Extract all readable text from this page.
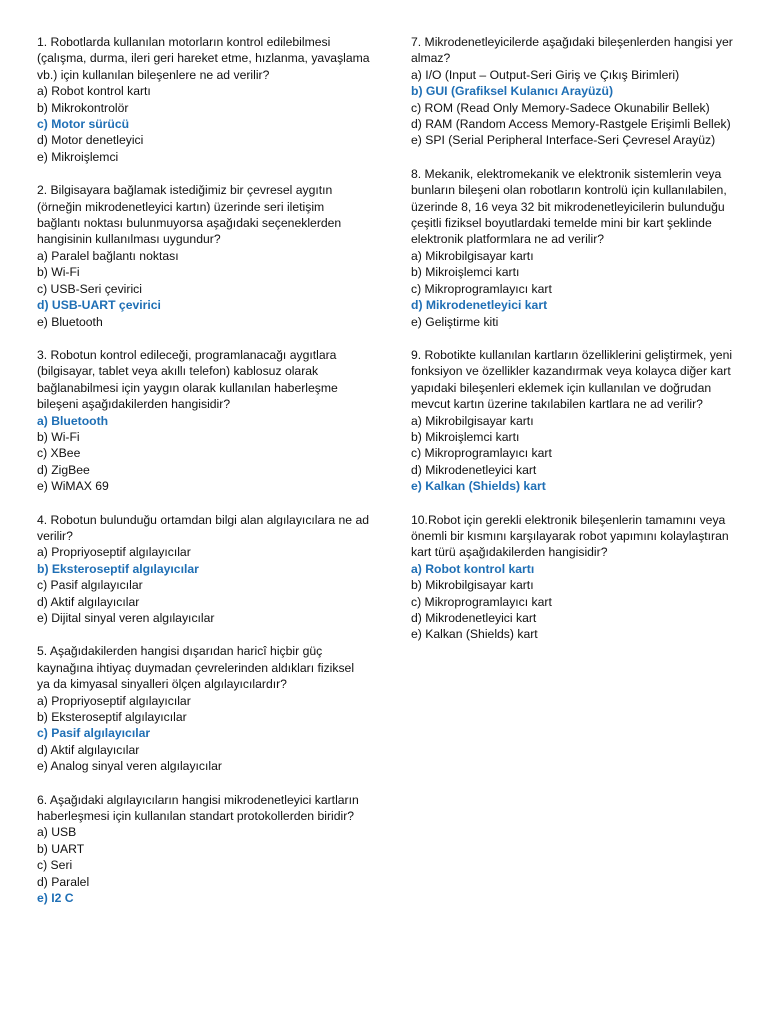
1. Robotlarda kullanılan motorların kontrol edilebilmesi (çalışma, durma, ileri geri hareket etme, hızlanma, yavaşlama vb.) için kullanılan bileşenlere ne ad verilir?
a) Robot kontrol kartı
b) Mikrokontrolör
c) Motor sürücü
d) Motor denetleyici
e) Mikroişlemci
2. Bilgisayara bağlamak istediğimiz bir çevresel aygıtın (örneğin mikrodenetleyici kartın) üzerinde seri iletişim bağlantı noktası bulunmuyorsa aşağıdaki seçeneklerden hangisinin kullanılması uygundur?
a) Paralel bağlantı noktası
b) Wi-Fi
c) USB-Seri çevirici
d) USB-UART çevirici
e) Bluetooth
3. Robotun kontrol edileceği, programlanacağı aygıtlara (bilgisayar, tablet veya akıllı telefon) kablosuz olarak bağlanabilmesi için yaygın olarak kullanılan haberleşme bileşeni aşağıdakilerden hangisidir?
a) Bluetooth
b) Wi-Fi
c) XBee
d) ZigBee
e) WiMAX 69
4. Robotun bulunduğu ortamdan bilgi alan algılayıcılara ne ad verilir?
a) Propriyoseptif algılayıcılar
b) Eksteroseptif algılayıcılar
c) Pasif algılayıcılar
d) Aktif algılayıcılar
e) Dijital sinyal veren algılayıcılar
5. Aşağıdakilerden hangisi dışarıdan haricî hiçbir güç kaynağına ihtiyaç duymadan çevrelerinden aldıkları fiziksel ya da kimyasal sinyalleri ölçen algılayıcılardır?
a) Propriyoseptif algılayıcılar
b) Eksteroseptif algılayıcılar
c) Pasif algılayıcılar
d) Aktif algılayıcılar
e) Analog sinyal veren algılayıcılar
6. Aşağıdaki algılayıcıların hangisi mikrodenetleyici kartların haberleşmesi için kullanılan standart protokollerden biridir?
a) USB
b) UART
c) Seri
d) Paralel
e) I2 C
7. Mikrodenetleyicilerde aşağıdaki bileşenlerden hangisi yer almaz?
a) I/O (Input – Output-Seri Giriş ve Çıkış Birimleri)
b) GUI (Grafiksel Kulanıcı Arayüzü)
c) ROM (Read Only Memory-Sadece Okunabilir Bellek)
d) RAM (Random Access Memory-Rastgele Erişimli Bellek)
e) SPI (Serial Peripheral Interface-Seri Çevresel Arayüz)
8. Mekanik, elektromekanik ve elektronik sistemlerin veya bunların bileşeni olan robotların kontrolü için kullanılabilen, üzerinde 8, 16 veya 32 bit mikrodenetleyicilerin bulunduğu çeşitli fiziksel boyutlardaki temelde mini bir kart şeklinde elektronik platformlara ne ad verilir?
a) Mikrobilgisayar kartı
b) Mikroişlemci kartı
c) Mikroprogramlayıcı kart
d) Mikrodenetleyici kart
e) Geliştirme kiti
9. Robotikte kullanılan kartların özelliklerini geliştirmek, yeni fonksiyon ve özellikler kazandırmak veya kolayca diğer kart yapıdaki bileşenleri eklemek için kullanılan ve doğrudan mevcut kartın üzerine takılabilen kartlara ne ad verilir?
a) Mikrobilgisayar kartı
b) Mikroişlemci kartı
c) Mikroprogramlayıcı kart
d) Mikrodenetleyici kart
e) Kalkan (Shields) kart
10.Robot için gerekli elektronik bileşenlerin tamamını veya önemli bir kısmını karşılayarak robot yapımını kolaylaştıran kart türü aşağıdakilerden hangisidir?
a) Robot kontrol kartı
b) Mikrobilgisayar kartı
c) Mikroprogramlayıcı kart
d) Mikrodenetleyici kart
e) Kalkan (Shields) kart
